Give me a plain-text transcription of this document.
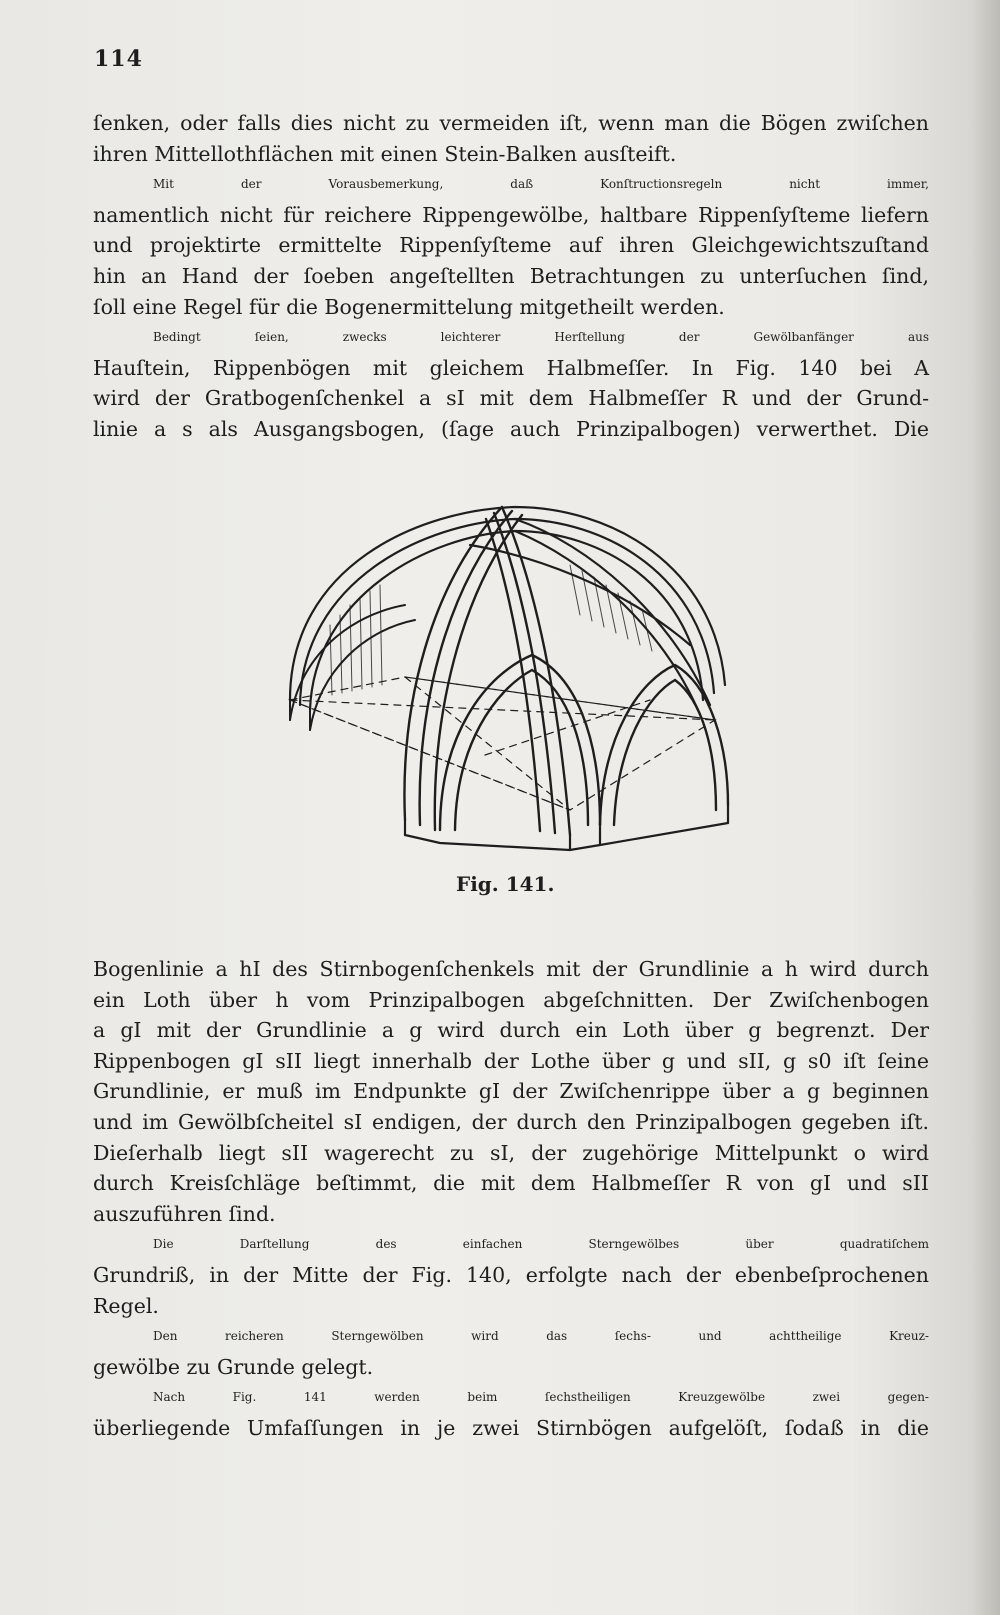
114
ſenken, oder falls dies nicht zu vermeiden iſt, wenn man die Bögen zwiſchen
ihren Mittellothflächen mit einen Stein-Balken ausſteift.
Mit der Vorausbemerkung, daß Konſtructionsregeln nicht immer,
namentlich nicht für reichere Rippengewölbe, haltbare Rippenſyſteme liefern
und projektirte ermittelte Rippenſyſteme auf ihren Gleichgewichtszuſtand
hin an Hand der ſoeben angeſtellten Betrachtungen zu unterſuchen ſind,
ſoll eine Regel für die Bogenermittelung mitgetheilt werden.
Bedingt ſeien, zwecks leichterer Herſtellung der Gewölbanfänger aus
Hauſtein, Rippenbögen mit gleichem Halbmeſſer. In Fig. 140 bei A
wird der Gratbogenſchenkel a sI mit dem Halbmeſſer R und der Grund-
linie a s als Ausgangsbogen, (ſage auch Prinzipalbogen) verwerthet. Die
Fig. 141.
Bogenlinie a hI des Stirnbogenſchenkels mit der Grundlinie a h wird durch
ein Loth über h vom Prinzipalbogen abgeſchnitten. Der Zwiſchenbogen
a gI mit der Grundlinie a g wird durch ein Loth über g begrenzt. Der
Rippenbogen gI sII liegt innerhalb der Lothe über g und sII, g s0 iſt ſeine
Grundlinie, er muß im Endpunkte gI der Zwiſchenrippe über a g beginnen
und im Gewölbſcheitel sI endigen, der durch den Prinzipalbogen gegeben iſt.
Dieſerhalb liegt sII wagerecht zu sI, der zugehörige Mittelpunkt o wird
durch Kreisſchläge beſtimmt, die mit dem Halbmeſſer R von gI und sII
auszuführen ſind.
Die Darſtellung des einfachen Sterngewölbes über quadratiſchem
Grundriß, in der Mitte der Fig. 140, erfolgte nach der ebenbeſprochenen
Regel.
Den reicheren Sterngewölben wird das ſechs- und achttheilige Kreuz-
gewölbe zu Grunde gelegt.
Nach Fig. 141 werden beim ſechstheiligen Kreuzgewölbe zwei gegen-
überliegende Umfaſſungen in je zwei Stirnbögen aufgelöſt, ſodaß in die
